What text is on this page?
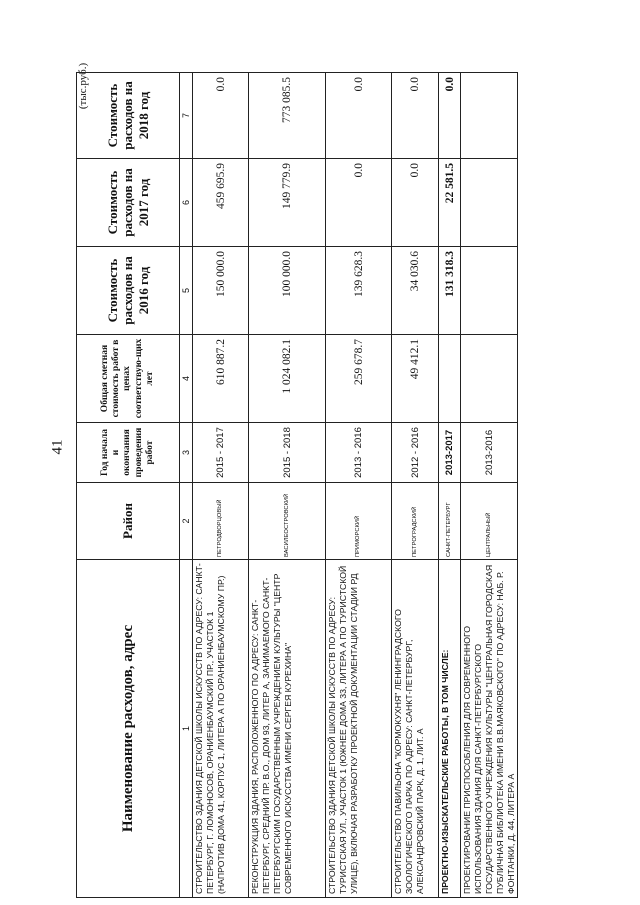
41
(тыс.руб.)
Наименование расходов, адрес	Район	Год начала и окончания проведения работ	Общая сметная стоимость работ в ценах соответствую-щих лет	Стоимость расходов на 2016 год	Стоимость расходов на 2017 год	Стоимость расходов на 2018 год
1	2	3	4	5	6	7
СТРОИТЕЛЬСТВО ЗДАНИЯ ДЕТСКОЙ ШКОЛЫ ИСКУССТВ ПО АДРЕСУ: САНКТ-ПЕТЕРБУРГ, Г. ЛОМОНОСОВ, ОРАНИЕНБАУМСКИЙ ПР., УЧАСТОК 1 (НАПРОТИВ ДОМА 41, КОРПУС 1, ЛИТЕРА А ПО ОРАНИЕНБАУМСКОМУ ПР.)	ПЕТРОДВОРЦОВЫЙ	2015 - 2017	610 887.2	150 000.0	459 695.9	0.0
РЕКОНСТРУКЦИЯ ЗДАНИЯ, РАСПОЛОЖЕННОГО ПО АДРЕСУ: САНКТ-ПЕТЕРБУРГ, СРЕДНИЙ ПР. В.О., ДОМ 93, ЛИТЕР А, ЗАНИМАЕМОГО САНКТ-ПЕТЕРБУРГСКИМ ГОСУДАРСТВЕННЫМ УЧРЕЖДЕНИЕМ КУЛЬТУРЫ "ЦЕНТР СОВРЕМЕННОГО ИСКУССТВА ИМЕНИ СЕРГЕЯ КУРЕХИНА"	ВАСИЛЕОСТРОВСКИЙ	2015 - 2018	1 024 082.1	100 000.0	149 779.9	773 085.5
СТРОИТЕЛЬСТВО ЗДАНИЯ ДЕТСКОЙ ШКОЛЫ ИСКУССТВ ПО АДРЕСУ: ТУРИСТСКАЯ УЛ., УЧАСТОК 1 (ЮЖНЕЕ ДОМА 33, ЛИТЕРА А ПО ТУРИСТСКОЙ УЛИЦЕ), ВКЛЮЧАЯ РАЗРАБОТКУ ПРОЕКТНОЙ ДОКУМЕНТАЦИИ СТАДИИ РД	ПРИМОРСКИЙ	2013 - 2016	259 678.7	139 628.3	0.0	0.0
СТРОИТЕЛЬСТВО ПАВИЛЬОНА "КОРМОКУХНЯ" ЛЕНИНГРАДСКОГО ЗООЛОГИЧЕСКОГО ПАРКА ПО АДРЕСУ: САНКТ-ПЕТЕРБУРГ, АЛЕКСАНДРОВСКИЙ ПАРК, Д. 1, ЛИТ. А	ПЕТРОГРАДСКИЙ	2012 - 2016	49 412.1	34 030.6	0.0	0.0
ПРОЕКТНО-ИЗЫСКАТЕЛЬСКИЕ РАБОТЫ, В ТОМ ЧИСЛЕ:	САНКТ-ПЕТЕРБУРГ	2013-2017		131 318.3	22 581.5	0.0
ПРОЕКТИРОВАНИЕ ПРИСПОСОБЛЕНИЯ ДЛЯ СОВРЕМЕННОГО ИСПОЛЬЗОВАНИЯ ЗДАНИЯ ДЛЯ САНКТ-ПЕТЕРБУРГСКОГО ГОСУДАРСТВЕННОГО УЧРЕЖДЕНИЯ КУЛЬТУРЫ "ЦЕНТРАЛЬНАЯ ГОРОДСКАЯ ПУБЛИЧНАЯ БИБЛИОТЕКА ИМЕНИ В.В.МАЯКОВСКОГО" ПО АДРЕСУ: НАБ. Р. ФОНТАНКИ, Д. 44, ЛИТЕРА А	ЦЕНТРАЛЬНЫЙ	2013-2016				
